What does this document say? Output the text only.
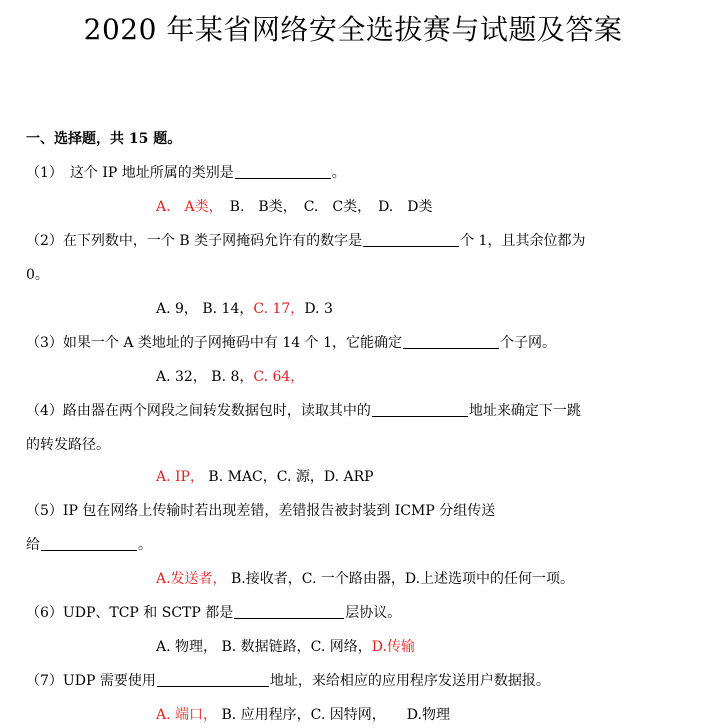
2020 年某省网络安全选拔赛与试题及答案
一、选择题，共 15 题。
（1）　这个 IP 地址所属的类别是	。
A.　A类，　B.　B类，　C.　C类，　D.　D类
（2）在下列数中，一个 B 类子网掩码允许有的数字是	个 1，且其余位都为
0。
A. 9， B. 14，C. 17，D. 3
（3）如果一个 A 类地址的子网掩码中有 14 个 1，它能确定	个子网。
A. 32， B. 8，C. 64，
（4）路由器在两个网段之间转发数据包时，读取其中的	地址来确定下一跳
的转发路径。
A. IP， B. MAC，C. 源，D. ARP
（5）IP 包在网络上传输时若出现差错，差错报告被封装到 ICMP 分组传送
给	。
A.发送者， B.接收者，C. 一个路由器，D.上述选项中的任何一项。
（6）UDP、TCP 和 SCTP 都是	层协议。
A. 物理， B. 数据链路，C. 网络，D.传输
（7）UDP 需要使用	地址，来给相应的应用程序发送用户数据报。
A. 端口， B. 应用程序，C. 因特网，　　D.物理
